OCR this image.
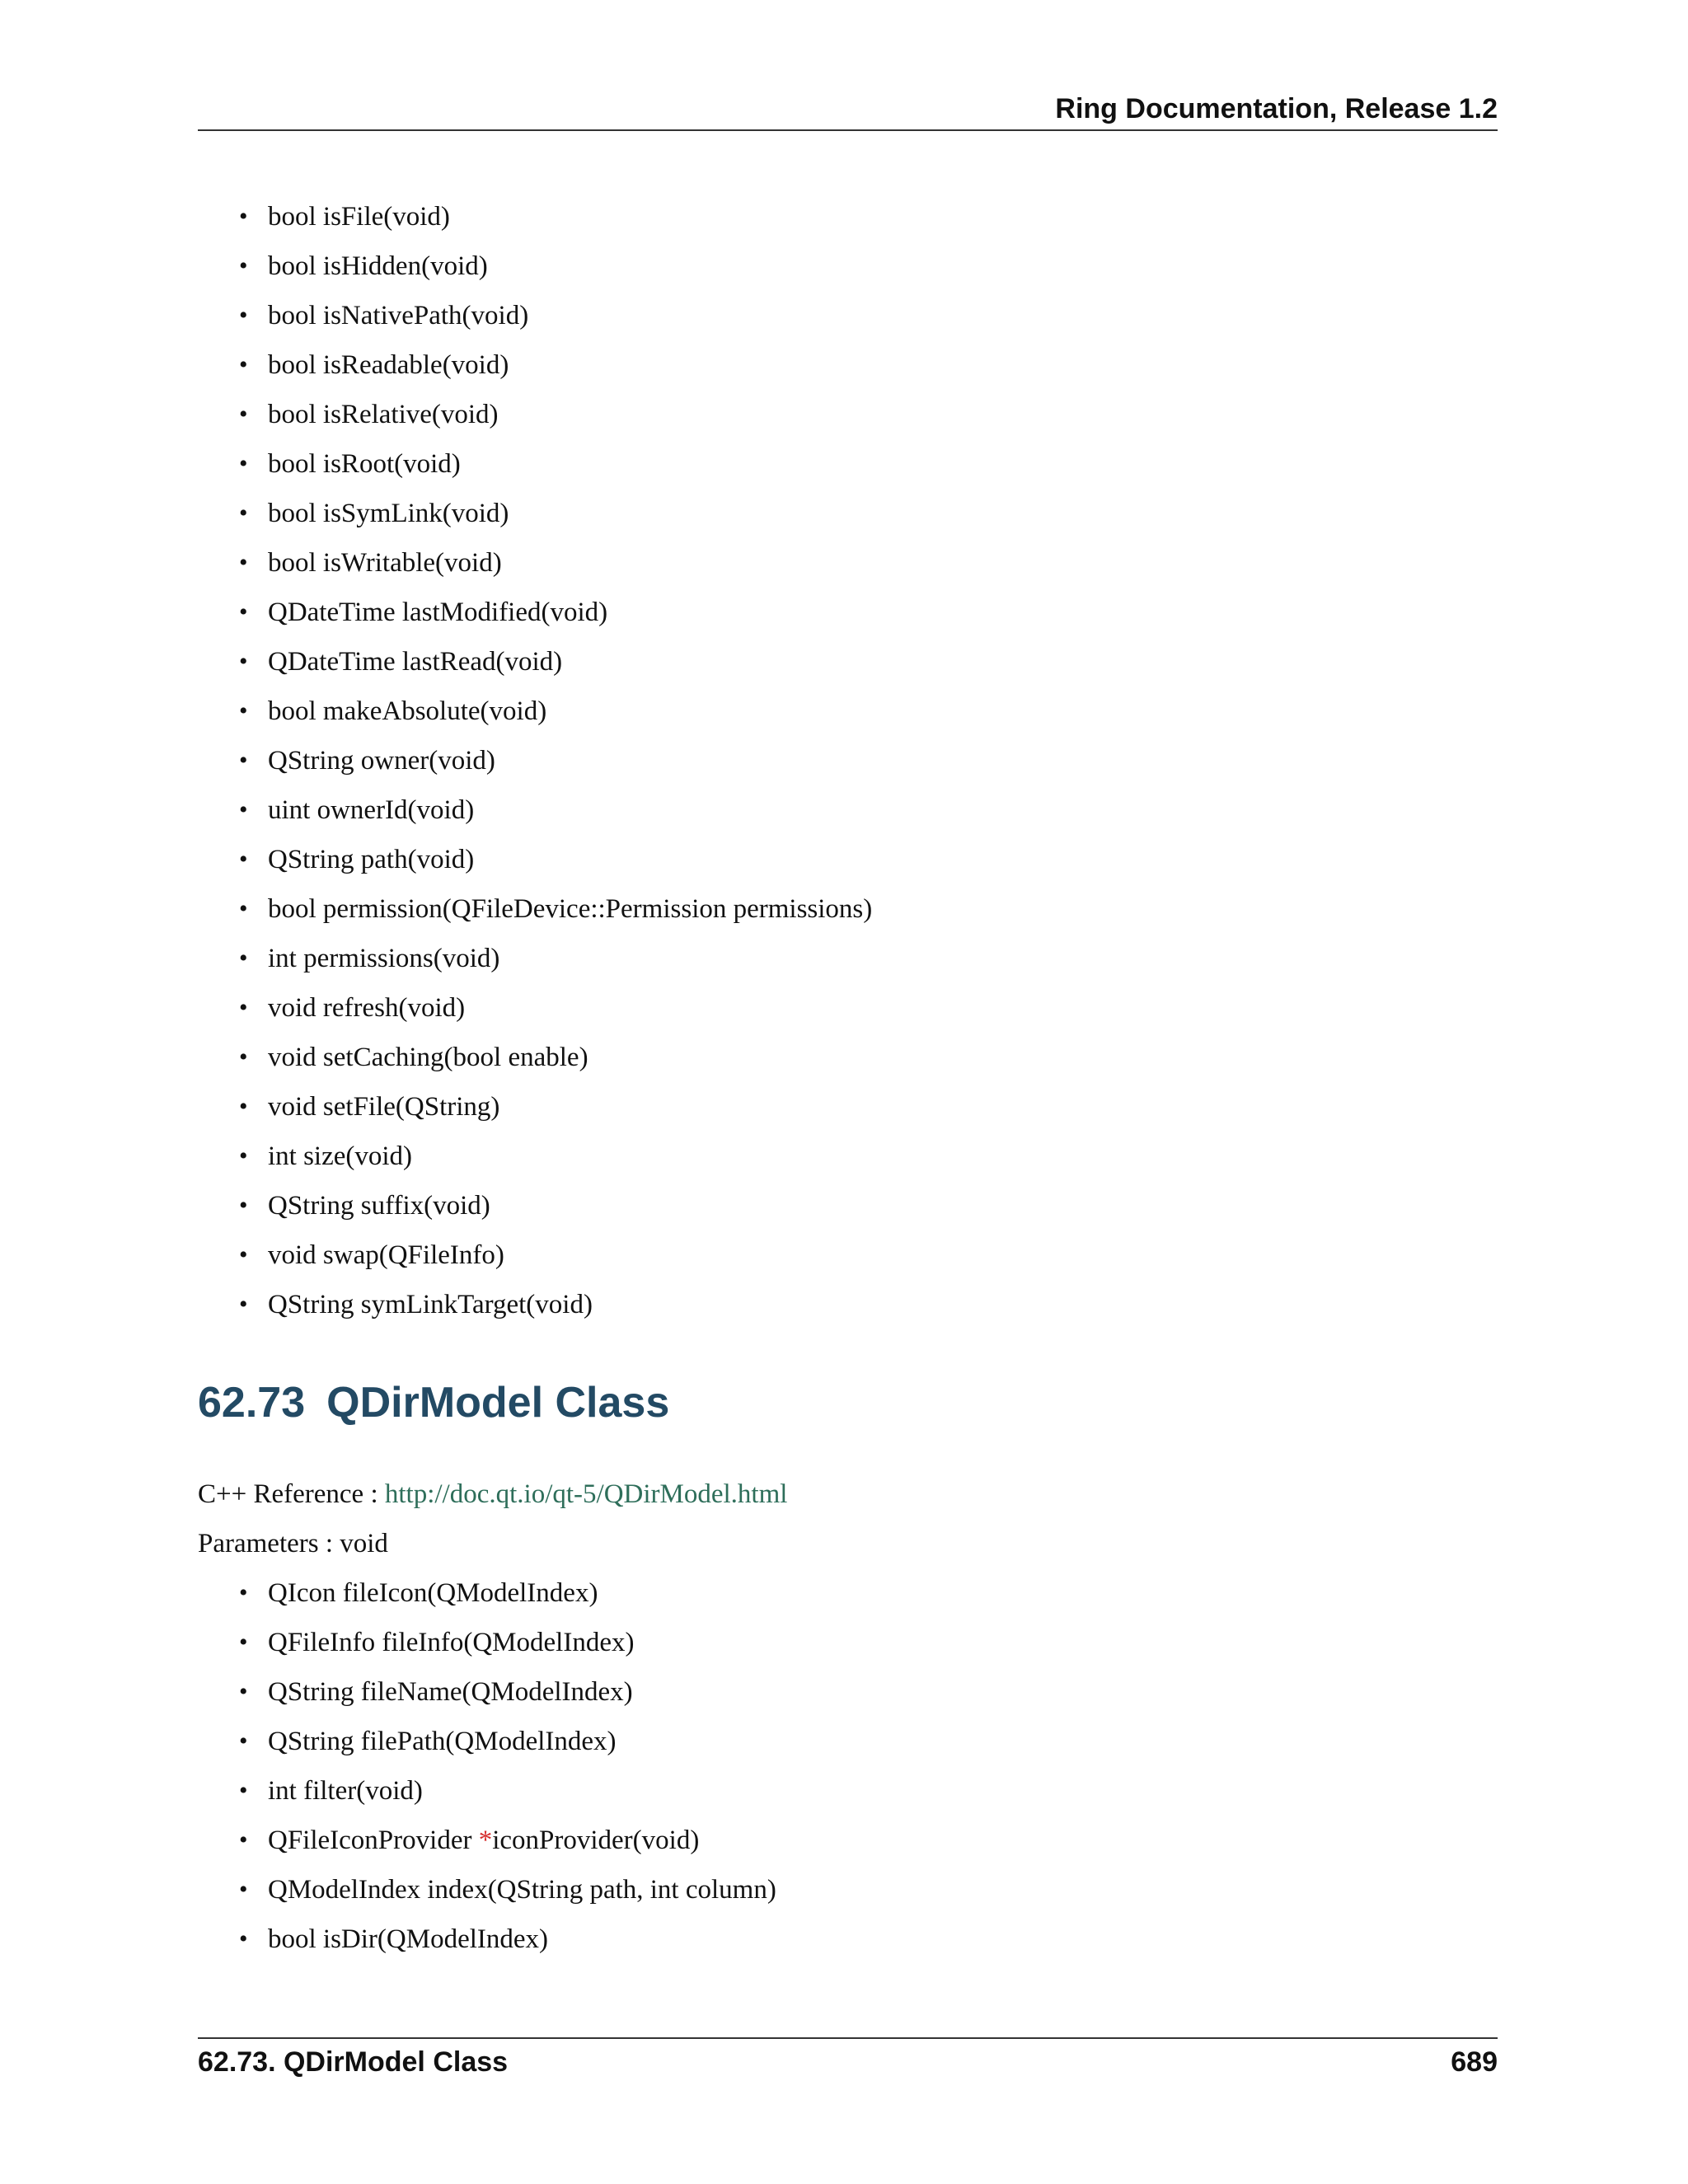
Ring Documentation, Release 1.2
• bool isFile(void)
• bool isHidden(void)
• bool isNativePath(void)
• bool isReadable(void)
• bool isRelative(void)
• bool isRoot(void)
• bool isSymLink(void)
• bool isWritable(void)
• QDateTime lastModified(void)
• QDateTime lastRead(void)
• bool makeAbsolute(void)
• QString owner(void)
• uint ownerId(void)
• QString path(void)
• bool permission(QFileDevice::Permission permissions)
• int permissions(void)
• void refresh(void)
• void setCaching(bool enable)
• void setFile(QString)
• int size(void)
• QString suffix(void)
• void swap(QFileInfo)
• QString symLinkTarget(void)
62.73 QDirModel Class
C++ Reference : http://doc.qt.io/qt-5/QDirModel.html
Parameters : void
• QIcon fileIcon(QModelIndex)
• QFileInfo fileInfo(QModelIndex)
• QString fileName(QModelIndex)
• QString filePath(QModelIndex)
• int filter(void)
• QFileIconProvider *iconProvider(void)
• QModelIndex index(QString path, int column)
• bool isDir(QModelIndex)
62.73. QDirModel Class	689
